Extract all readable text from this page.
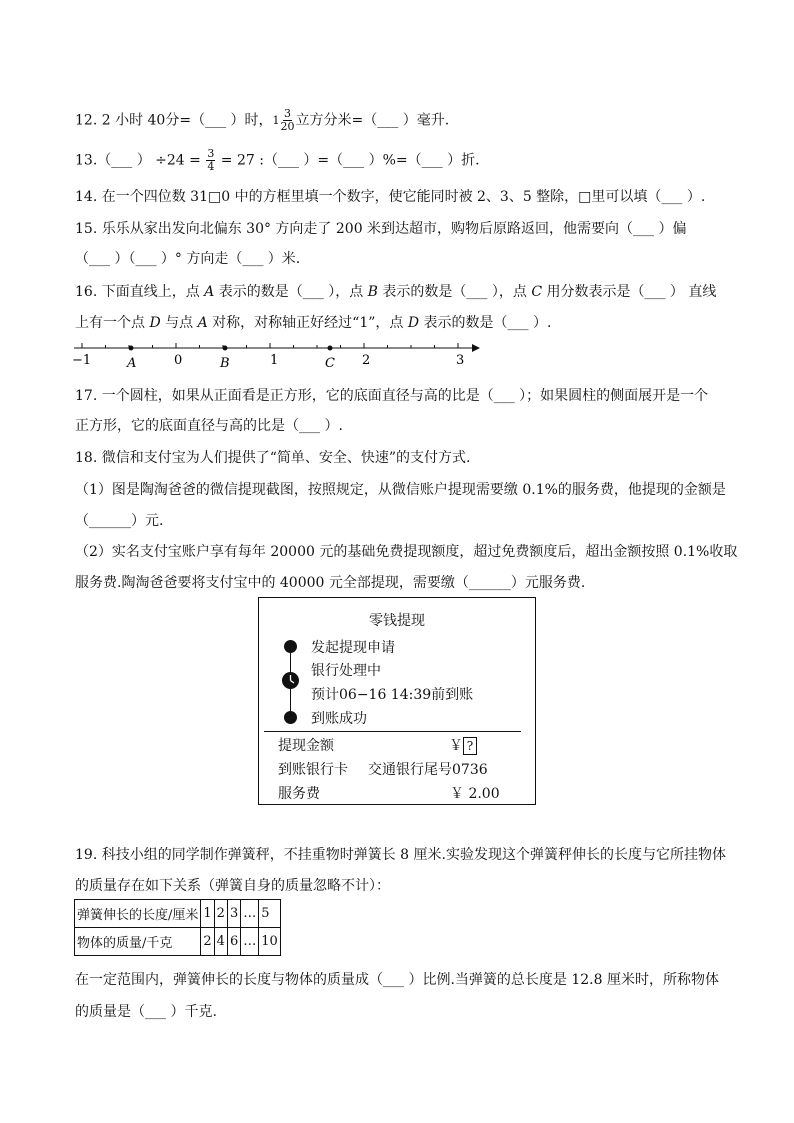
12. 2 小时 40分=（___ ）时，$1 \frac{3}{20}$ 立方分米=（___ ）毫升.
13.（___ ） $\div 24 = \frac{3}{4} = 27$ :（___ ）=（___ ）%=（___ ）折.
14. 在一个四位数 31□0 中的方框里填一个数字，使它能同时被 2、3、5 整除，□里可以填（___ ）.
15. 乐乐从家出发向北偏东 30° 方向走了 200 米到达超市，购物后原路返回，他需要向（___ ）偏
（___ ）（___ ）° 方向走（___ ）米.
16. 下面直线上，点 A 表示的数是（___ ），点 B 表示的数是（___ ），点 C 用分数表示是（___ ） 直线
上有一个点 D 与点 A 对称，对称轴正好经过“1”，点 D 表示的数是（___ ）.
−1	0	1	2	3
A	B	C
17. 一个圆柱，如果从正面看是正方形，它的底面直径与高的比是（___ ）；如果圆柱的侧面展开是一个
正方形，它的底面直径与高的比是（___ ）.
18. 微信和支付宝为人们提供了“简单、安全、快速”的支付方式.
（1）图是陶淘爸爸的微信提现截图，按照规定，从微信账户提现需要缴 0.1%的服务费，他提现的金额是
（______）元.
（2）实名支付宝账户享有每年 20000 元的基础免费提现额度，超过免费额度后，超出金额按照 0.1%收取
服务费.陶淘爸爸要将支付宝中的 40000 元全部提现，需要缴（______）元服务费.
零钱提现
发起提现申请
银行处理中
预计06−16 14:39前到账
到账成功
提现金额	￥ ?
到账银行卡 交通银行尾号0736
服务费	￥ 2.00
19. 科技小组的同学制作弹簧秤，不挂重物时弹簧长 8 厘米.实验发现这个弹簧秤伸长的长度与它所挂物体
的质量存在如下关系（弹簧自身的质量忽略不计）：
弹簧伸长的长度/厘米	1	2	3	…	5
物体的质量/千克	2	4	6	…	10
在一定范围内，弹簧伸长的长度与物体的质量成（___ ）比例.当弹簧的总长度是 12.8 厘米时，所称物体
的质量是（___ ）千克.
